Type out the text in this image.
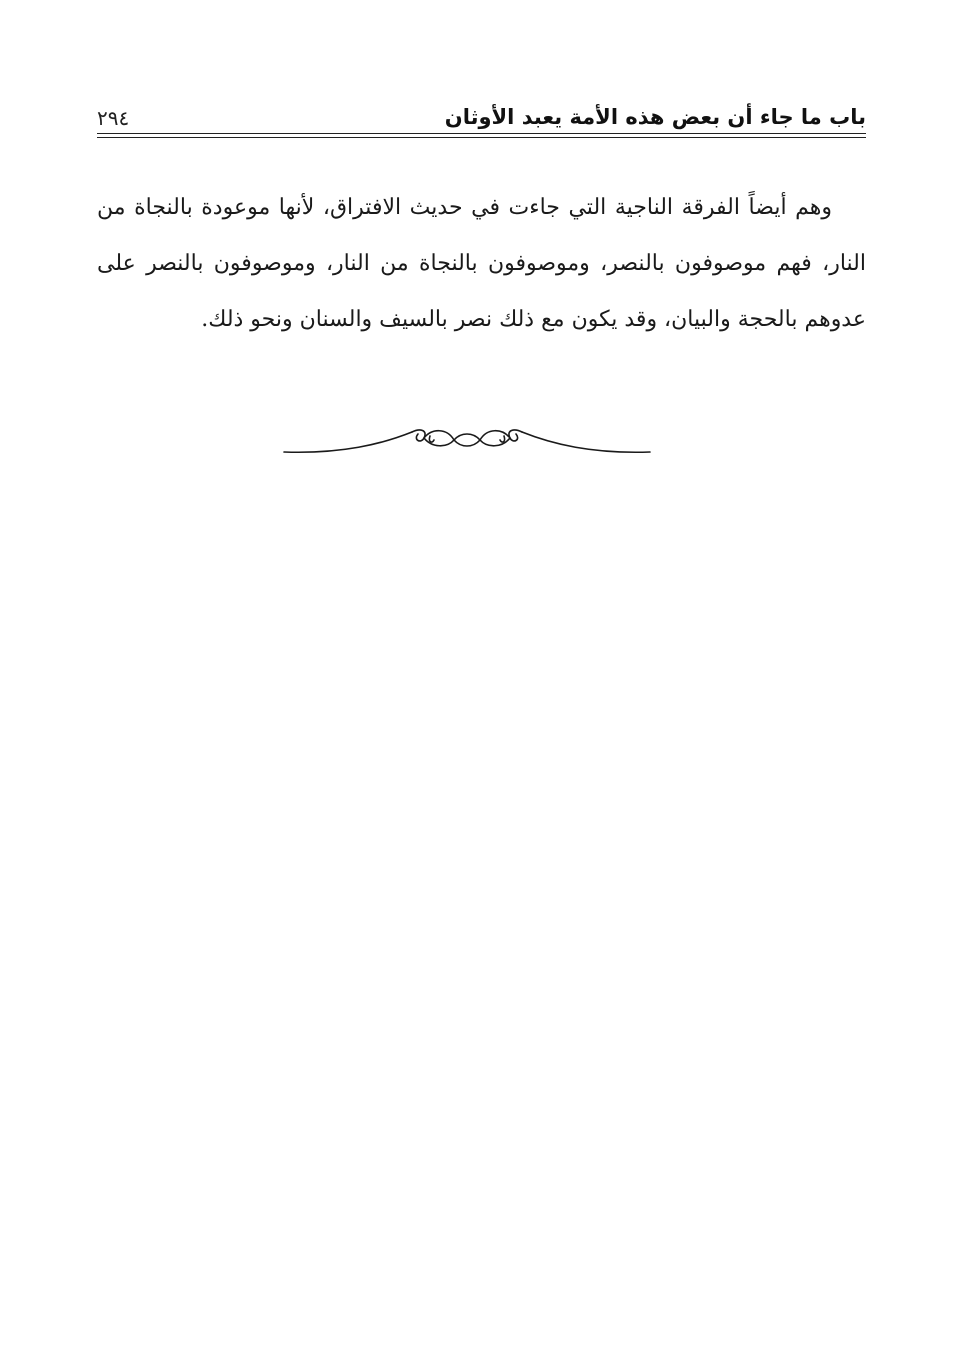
باب ما جاء أن بعض هذه الأمة يعبد الأوثان
٢٩٤

وهم أيضاً الفرقة الناجية التي جاءت في حديث الافتراق، لأنها موعودة بالنجاة من النار، فهم موصوفون بالنصر، وموصوفون بالنجاة من النار، وموصوفون بالنصر على عدوهم بالحجة والبيان، وقد يكون مع ذلك نصر بالسيف والسنان ونحو ذلك.
